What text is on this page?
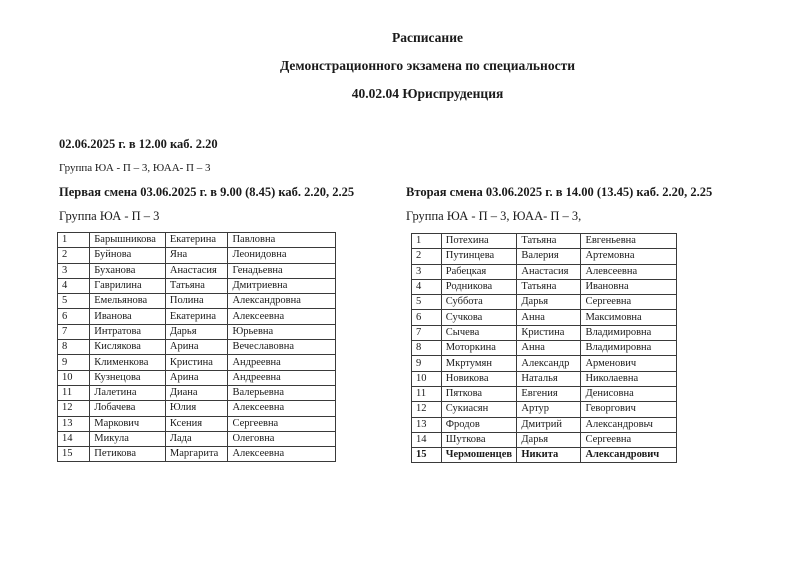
Расписание
Демонстрационного экзамена по специальности
40.02.04 Юриспруденция
02.06.2025 г. в 12.00 каб. 2.20
Группа ЮА - П – 3, ЮАА- П – 3
Первая смена 03.06.2025 г. в 9.00 (8.45) каб. 2.20, 2.25
Группа ЮА - П – 3
Вторая смена 03.06.2025 г. в 14.00 (13.45) каб. 2.20, 2.25
Группа ЮА - П – 3, ЮАА- П – 3,
1	Барышникова	Екатерина	Павловна
2	Буйнова	Яна	Леонидовна
3	Буханова	Анастасия	Генадьевна
4	Гаврилина	Татьяна	Дмитриевна
5	Емельянова	Полина	Александровна
6	Иванова	Екатерина	Алексеевна
7	Интратова	Дарья	Юрьевна
8	Кислякова	Арина	Вечеславовна
9	Клименкова	Кристина	Андреевна
10	Кузнецова	Арина	Андреевна
11	Лалетина	Диана	Валерьевна
12	Лобачева	Юлия	Алексеевна
13	Маркович	Ксения	Сергеевна
14	Микула	Лада	Олеговна
15	Петикова	Маргарита	Алексеевна
1	Потехина	Татьяна	Евгеньевна
2	Путинцева	Валерия	Артемовна
3	Рабецкая	Анастасия	Алевсеевна
4	Родникова	Татьяна	Ивановна
5	Суббота	Дарья	Сергеевна
6	Сучкова	Анна	Максимовна
7	Сычева	Кристина	Владимировна
8	Моторкина	Анна	Владимировна
9	Мкртумян	Александр	Арменович
10	Новикова	Наталья	Николаевна
11	Пяткова	Евгения	Денисовна
12	Сукиасян	Артур	Геворгович
13	Фродов	Дмитрий	Александровьч
14	Шуткова	Дарья	Сергеевна
15	Чермошенцев	Никита	Александрович
